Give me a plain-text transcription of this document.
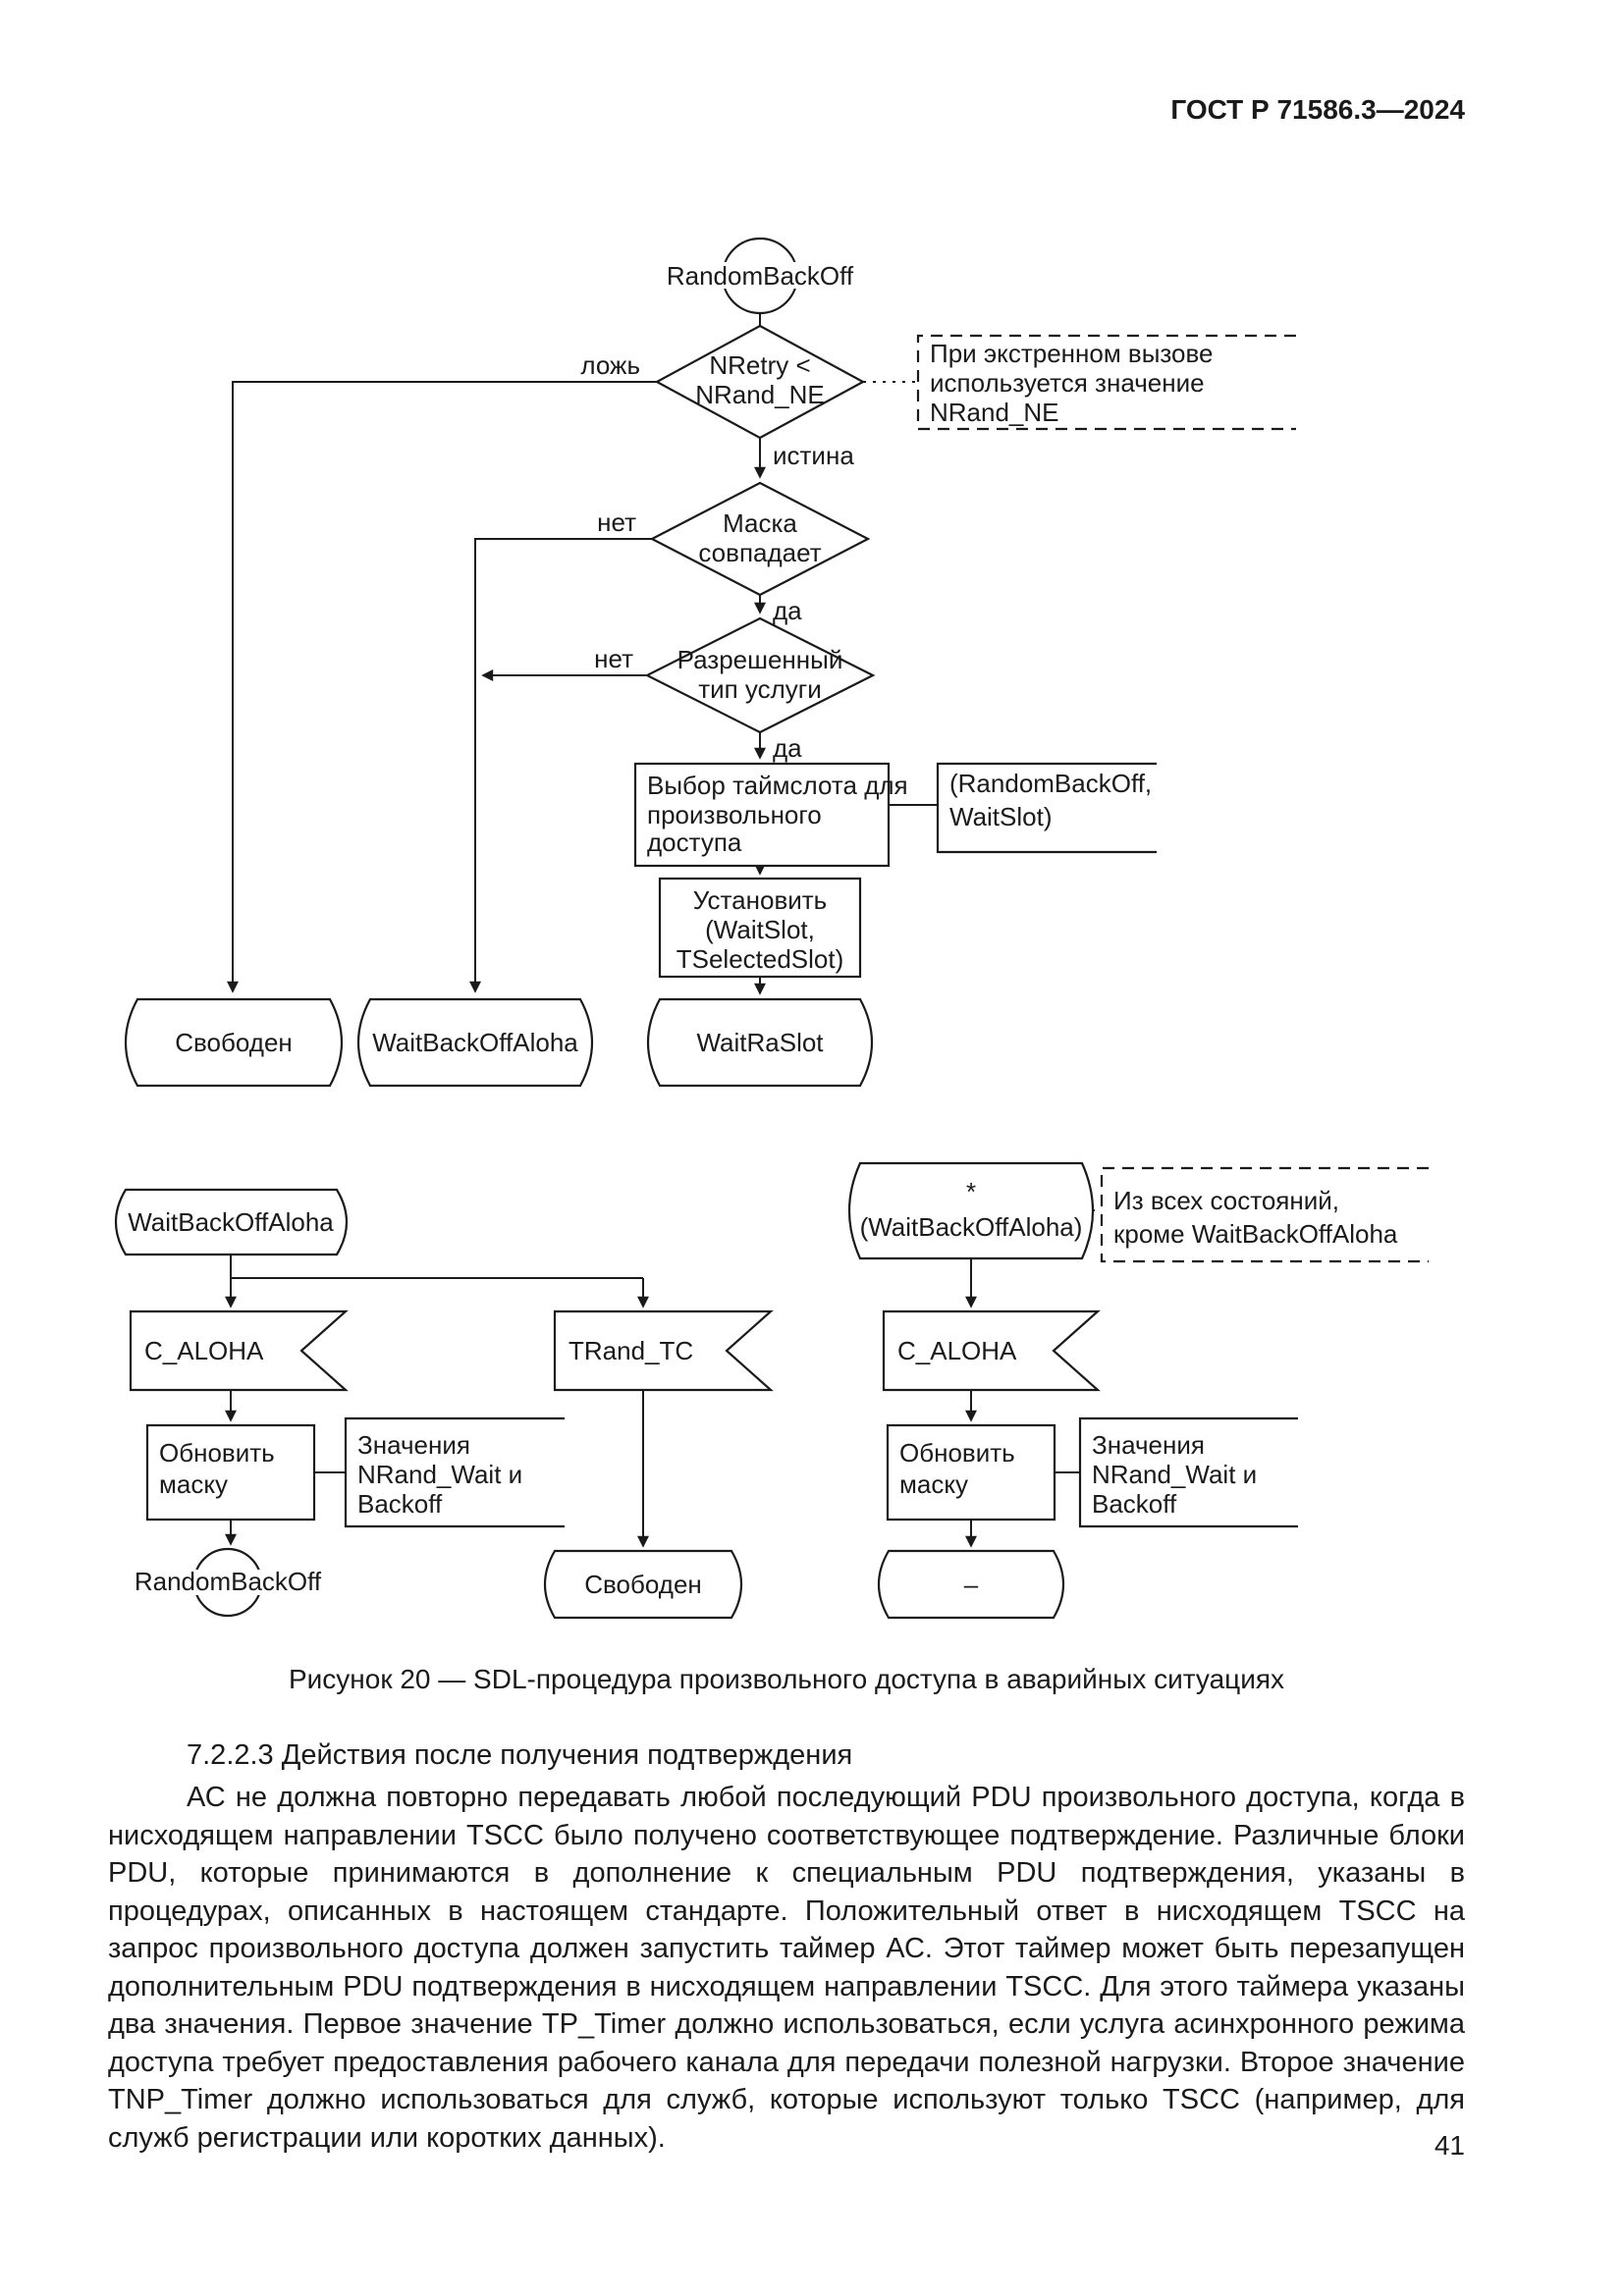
ГОСТ Р 71586.3—2024
RandomBackOff
NRetry <
NRand_NE
ложь
истина
При экстренном вызове
используется значение
NRand_NE
Маска
совпадает
нет
да
Разрешенный
тип услуги
нет
да
Выбор таймслота для
произвольного
доступа
(RandomBackOff,
WaitSlot)
Установить
(WaitSlot,
TSelectedSlot)
Свободен	WaitBackOffAloha	WaitRaSlot
WaitBackOffAloha
C_ALOHA	TRand_TC
Обновить
маску
Значения
NRand_Wait и
Backoff
RandomBackOff	Свободен
*
(WaitBackOffAloha)
Из всех состояний,
кроме WaitBackOffAloha
C_ALOHA
Обновить
маску
Значения
NRand_Wait и
Backoff
–
Рисунок 20 — SDL-процедура произвольного доступа в аварийных ситуациях
7.2.2.3 Действия после получения подтверждения
АС не должна повторно передавать любой последующий PDU произвольного доступа, когда в нисходящем направлении TSCC было получено соответствующее подтверждение. Различные блоки PDU, которые принимаются в дополнение к специальным PDU подтверждения, указаны в процедурах, описанных в настоящем стандарте. Положительный ответ в нисходящем TSCC на запрос произвольного доступа должен запустить таймер АС. Этот таймер может быть перезапущен дополнительным PDU подтверждения в нисходящем направлении TSCC. Для этого таймера указаны два значения. Первое значение TP_Timer должно использоваться, если услуга асинхронного режима доступа требует предоставления рабочего канала для передачи полезной нагрузки. Второе значение TNP_Timer должно использоваться для служб, которые используют только TSCC (например, для служб регистрации или коротких данных).	41
